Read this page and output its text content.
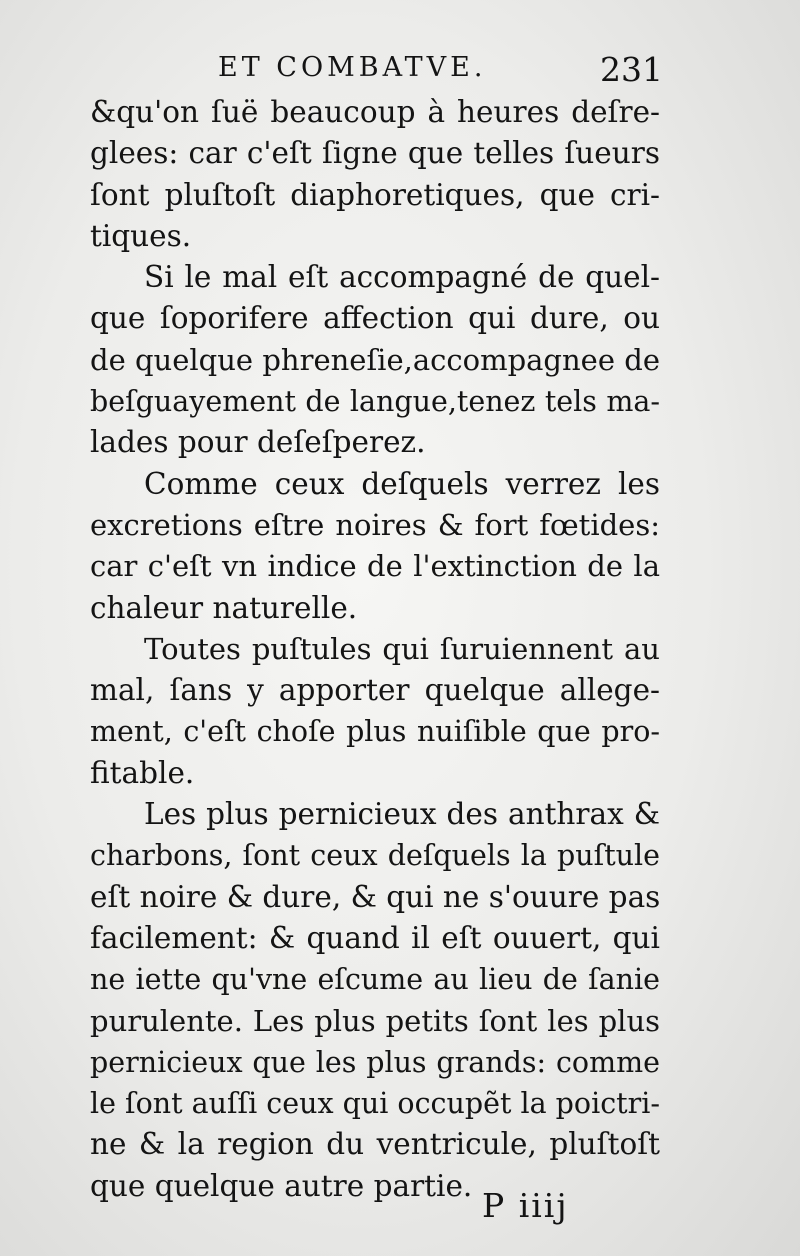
ET COMBATVE.	231
&qu'on ſuë beaucoup à heures deſre-
glees: car c'eſt ſigne que telles ſueurs
ſont pluſtoſt diaphoretiques, que cri-
tiques.
Si le mal eſt accompagné de quel-
que ſoporifere affection qui dure, ou
de quelque phreneſie,accompagnee de
beſguayement de langue,tenez tels ma-
lades pour deſeſperez.
Comme ceux deſquels verrez les
excretions eſtre noires & fort fœtides:
car c'eſt vn indice de l'extinction de la
chaleur naturelle.
Toutes puſtules qui ſuruiennent au
mal, ſans y apporter quelque allege-
ment, c'eſt choſe plus nuiſible que pro-
fitable.
Les plus pernicieux des anthrax &
charbons, ſont ceux deſquels la puſtule
eſt noire & dure, & qui ne s'ouure pas
facilement: & quand il eſt ouuert, qui
ne iette qu'vne eſcume au lieu de ſanie
purulente. Les plus petits ſont les plus
pernicieux que les plus grands: comme
le ſont auſſi ceux qui occupẽt la poictri-
ne & la region du ventricule, pluſtoſt
que quelque autre partie.
P iiij
